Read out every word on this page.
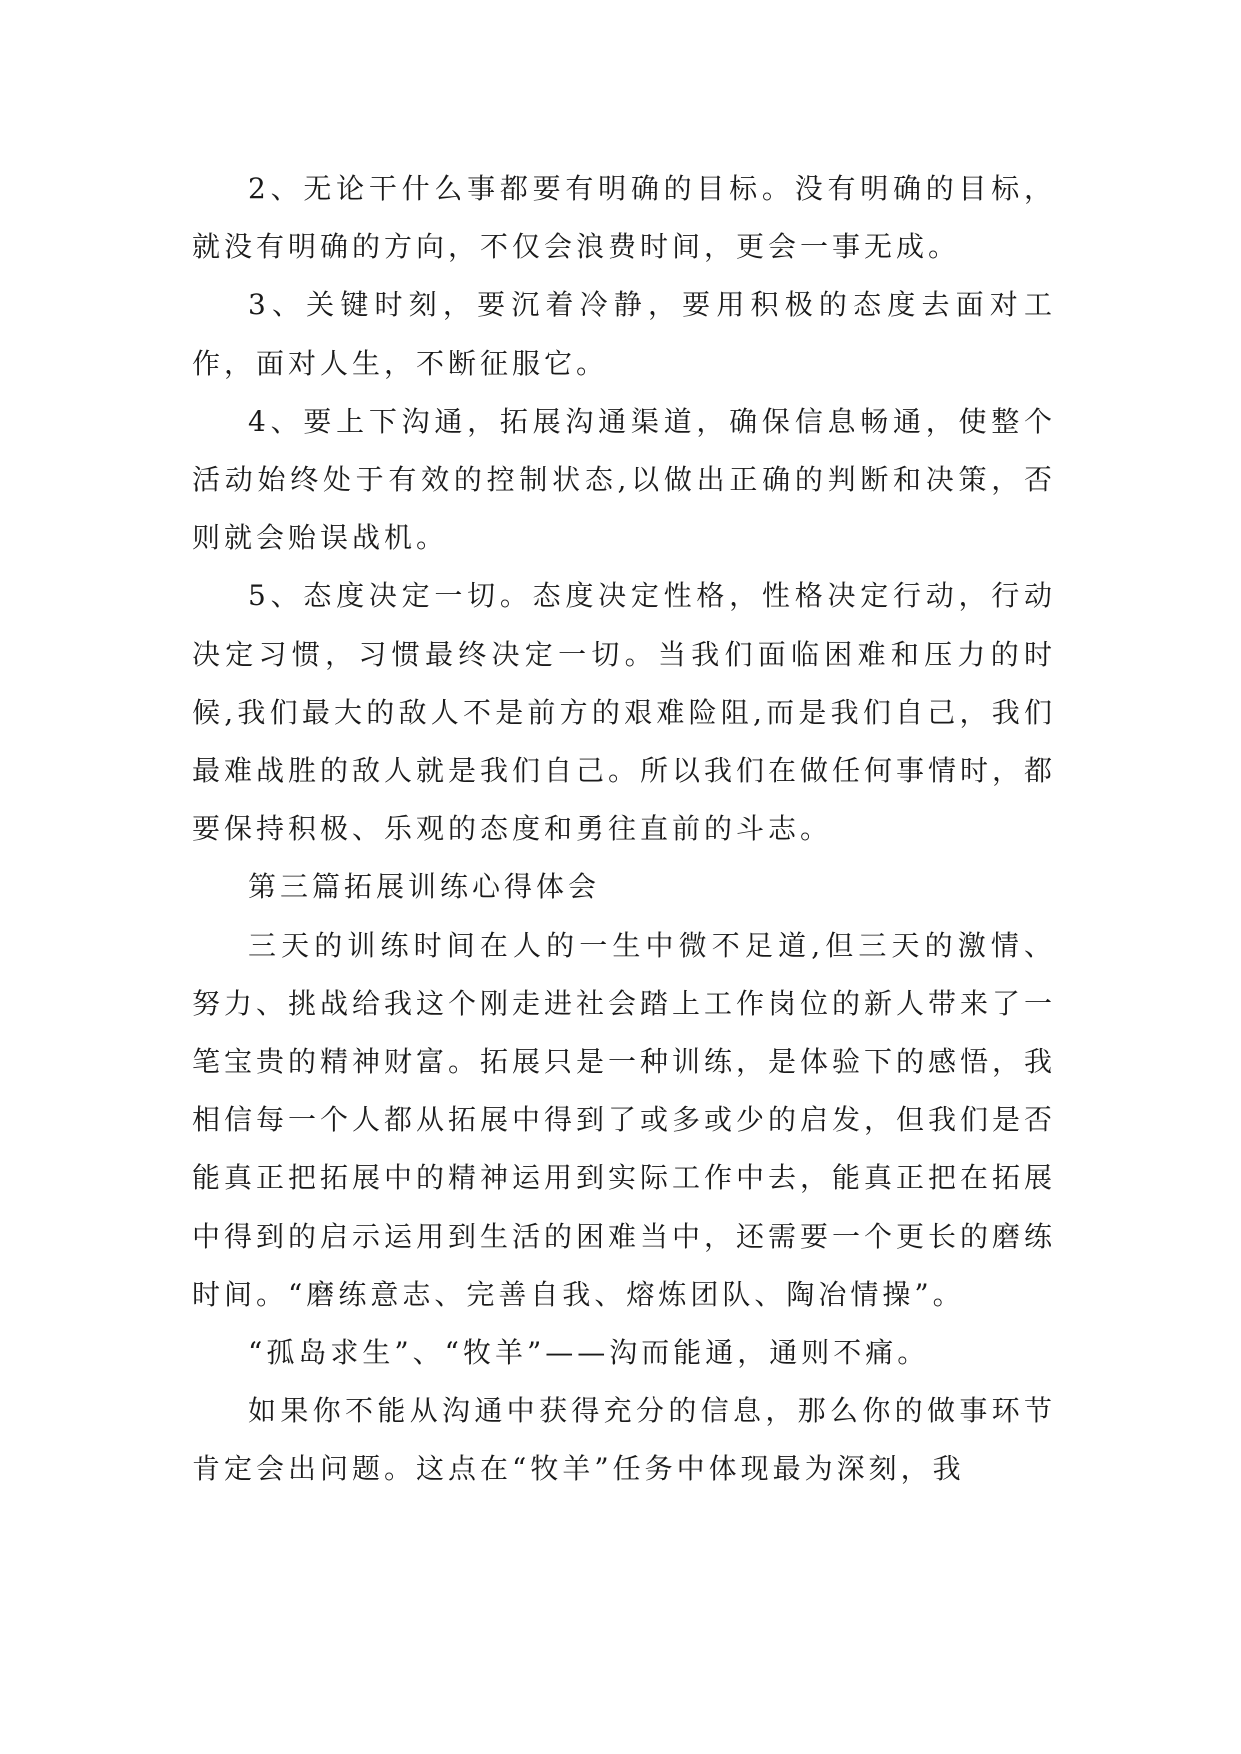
2、无论干什么事都要有明确的目标。没有明确的目标，就没有明确的方向，不仅会浪费时间，更会一事无成。

3、关键时刻，要沉着冷静，要用积极的态度去面对工作，面对人生，不断征服它。

4、要上下沟通，拓展沟通渠道，确保信息畅通，使整个活动始终处于有效的控制状态,以做出正确的判断和决策，否则就会贻误战机。

5、态度决定一切。态度决定性格，性格决定行动，行动决定习惯，习惯最终决定一切。当我们面临困难和压力的时候,我们最大的敌人不是前方的艰难险阻,而是我们自己，我们最难战胜的敌人就是我们自己。所以我们在做任何事情时，都要保持积极、乐观的态度和勇往直前的斗志。

第三篇拓展训练心得体会

三天的训练时间在人的一生中微不足道,但三天的激情、努力、挑战给我这个刚走进社会踏上工作岗位的新人带来了一笔宝贵的精神财富。拓展只是一种训练，是体验下的感悟，我相信每一个人都从拓展中得到了或多或少的启发，但我们是否能真正把拓展中的精神运用到实际工作中去，能真正把在拓展中得到的启示运用到生活的困难当中，还需要一个更长的磨练时间。“磨练意志、完善自我、熔炼团队、陶冶情操”。

“孤岛求生”、“牧羊”——沟而能通，通则不痛。

如果你不能从沟通中获得充分的信息，那么你的做事环节肯定会出问题。这点在“牧羊”任务中体现最为深刻，我
